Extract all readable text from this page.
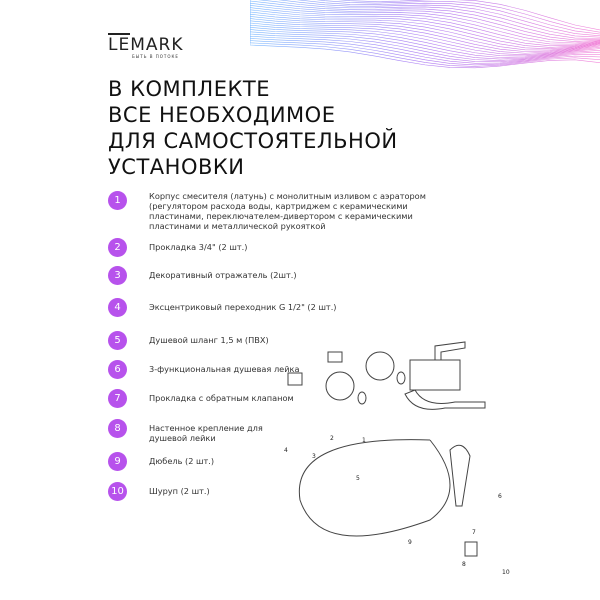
LEMARK
БЫТЬ В ПОТОКЕ
В КОМПЛЕКТЕ
ВСЕ НЕОБХОДИМОЕ
ДЛЯ САМОСТОЯТЕЛЬНОЙ
УСТАНОВКИ
1	Корпус смесителя (латунь) с монолитным изливом с аэратором (регулятором расхода воды, картриджем с керамическими пластинами, переключателем-дивертором с керамическими пластинами и металлической рукояткой
2	Прокладка 3/4" (2 шт.)
3	Декоративный отражатель (2шт.)
4	Эксцентриковый переходник G 1/2" (2 шт.)
5	Душевой шланг 1,5 м (ПВХ)
6	3-функциональная душевая лейка
7	Прокладка с обратным клапаном
8	Настенное крепление для душевой лейки
9	Дюбель (2 шт.)
10	Шуруп (2 шт.)
1
2
3
4
5
6
7
8
9
10
